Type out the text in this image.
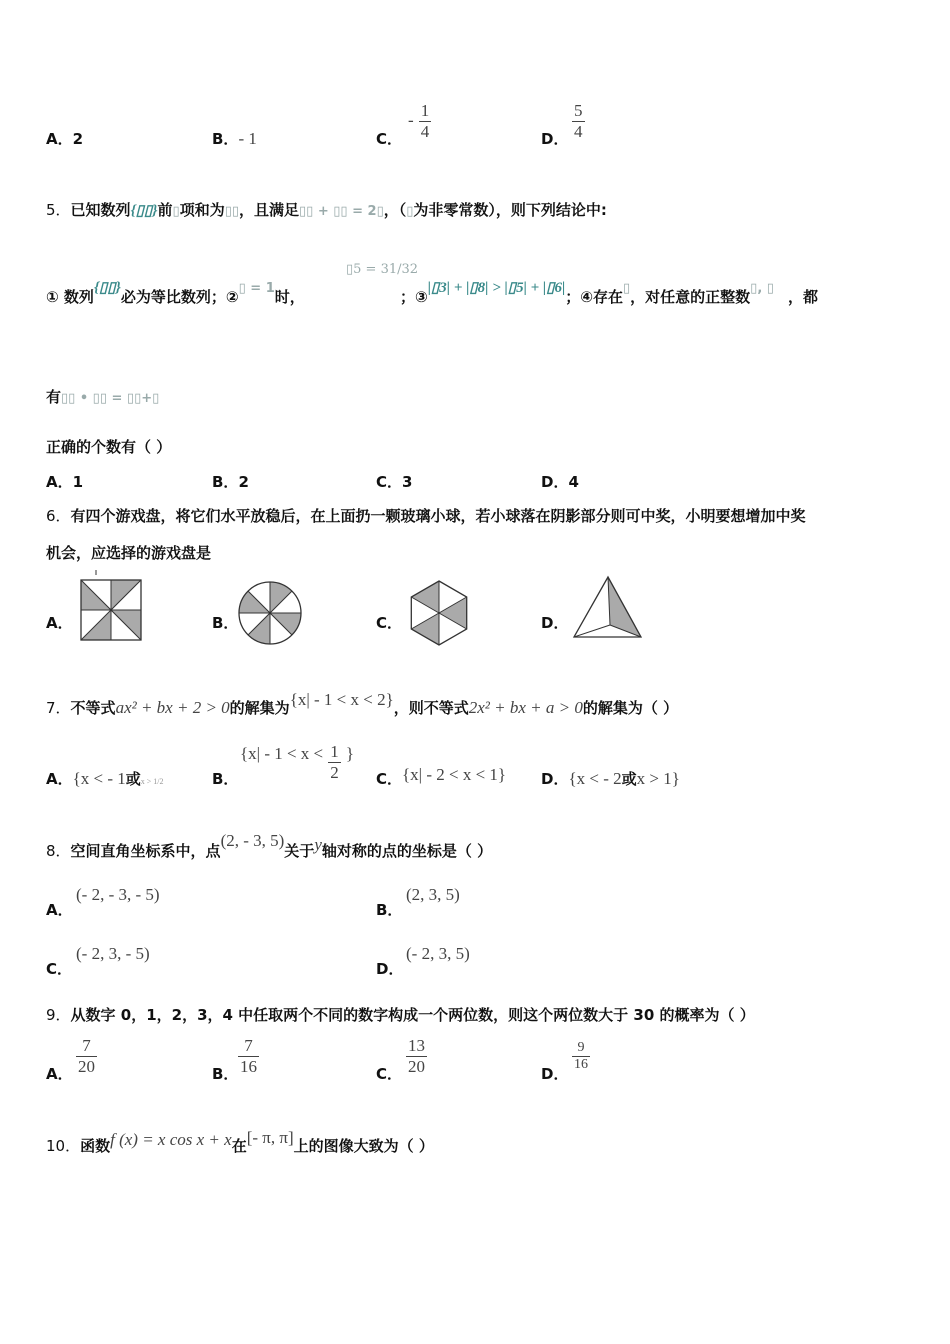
A．2	B．- 1	C．
- $\frac{1}{4}$	D． $\frac{5}{4}$
5．已知数列{▯▯}前▯项和为▯▯，且满足▯▯ + ▯▯ = 2▯，（▯为非零常数），则下列结论中:
① 数列{▯▯}必为等比数列；②▯ = 1时，
▯5 = 31/32
；③|▯3| + |▯8| > |▯5| + |▯6|；④存在▯，对任意的正整数▯, ▯ ，都
有▯▯ • ▯▯ = ▯▯+▯
正确的个数有（ ）
A．1	B．2	C．3	D．4
6．有四个游戏盘，将它们水平放稳后，在上面扔一颗玻璃小球，若小球落在阴影部分则可中奖，小明要想增加中奖
机会，应选择的游戏盘是
A．	B．	C．	D．
7．不等式ax² + bx + 2 > 0的解集为{x| - 1 < x < 2}，则不等式2x² + bx + a > 0的解集为（ ）
A．{x < - 1或x > 1/2	B．
{$x| - 1 < x < \frac{1}{2}$ }
C．{x| - 2 < x < 1} D．{x < - 2或x > 1}
8．空间直角坐标系中，点(2, - 3, 5)关于y轴对称的点的坐标是（ ）
A．
(- 2, - 3, - 5)
B．
(2, 3, 5)
C．
(- 2, 3, - 5)
D．
(- 2, 3, 5)
9．从数字 0，1，2，3，4 中任取两个不同的数字构成一个两位数，则这个两位数大于 30 的概率为（ ）
A． $\frac{7}{20}$	B． $\frac{7}{16}$	C． $\frac{13}{20}$	D．
$\frac{9}{16}$
10．函数f (x) = x cos x + x在[- π, π]上的图像大致为（ ）
